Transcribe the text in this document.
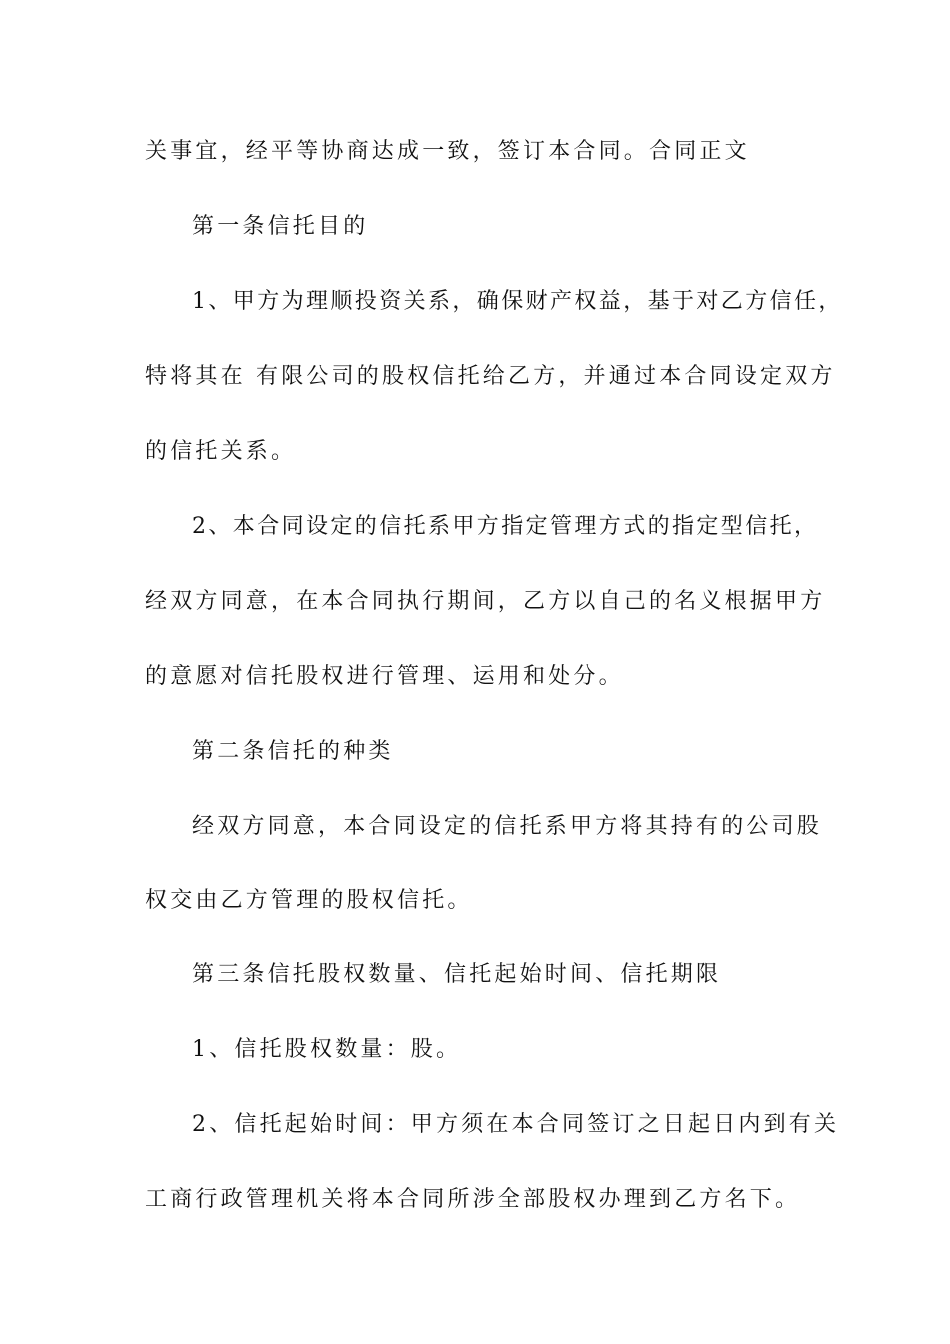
关事宜，经平等协商达成一致，签订本合同。合同正文
第一条信托目的
1、甲方为理顺投资关系，确保财产权益，基于对乙方信任，
特将其在 有限公司的股权信托给乙方，并通过本合同设定双方
的信托关系。
2、本合同设定的信托系甲方指定管理方式的指定型信托，
经双方同意，在本合同执行期间，乙方以自己的名义根据甲方
的意愿对信托股权进行管理、运用和处分。
第二条信托的种类
经双方同意，本合同设定的信托系甲方将其持有的公司股
权交由乙方管理的股权信托。
第三条信托股权数量、信托起始时间、信托期限
1、信托股权数量：股。
2、信托起始时间：甲方须在本合同签订之日起日内到有关
工商行政管理机关将本合同所涉全部股权办理到乙方名下。
